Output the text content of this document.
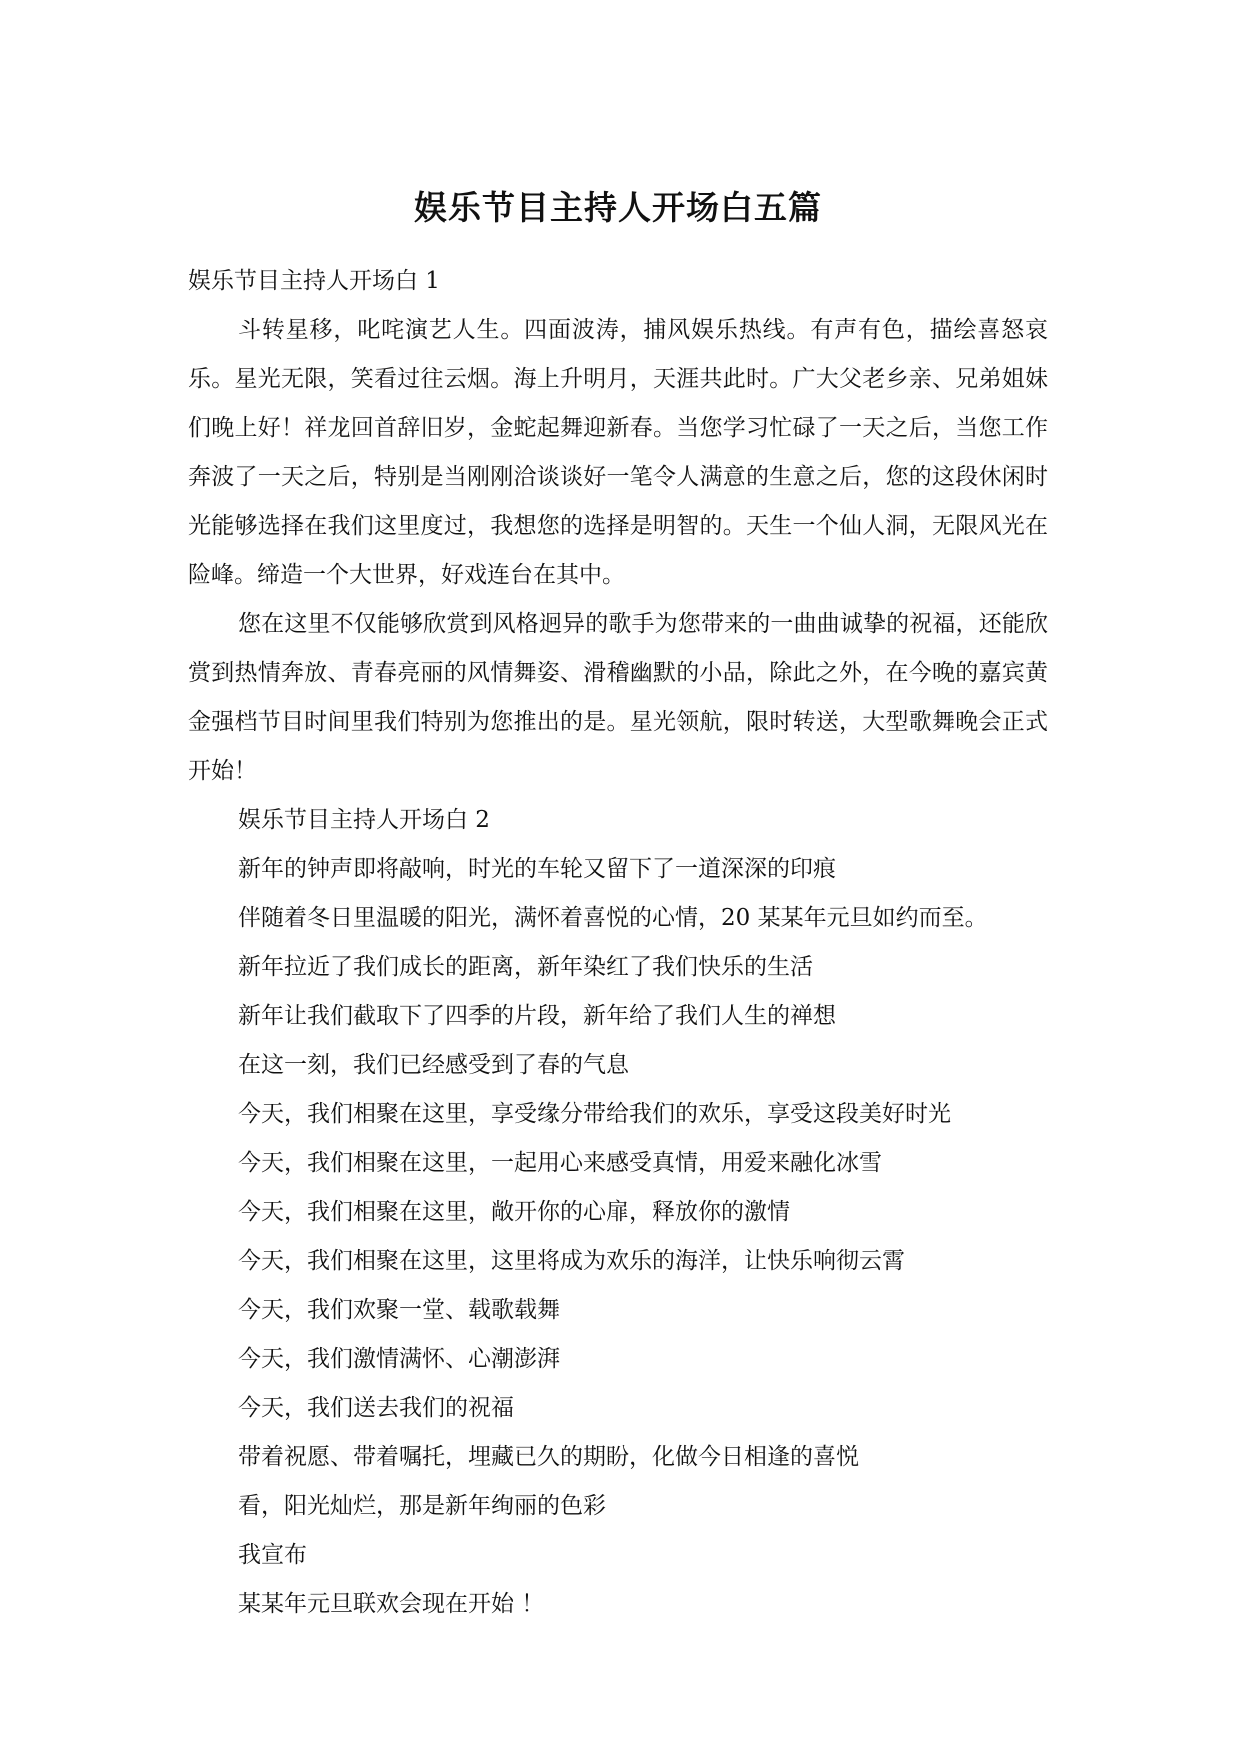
娱乐节目主持人开场白五篇

娱乐节目主持人开场白 1

斗转星移，叱咤演艺人生。四面波涛，捕风娱乐热线。有声有色，描绘喜怒哀乐。星光无限，笑看过往云烟。海上升明月，天涯共此时。广大父老乡亲、兄弟姐妹们晚上好！祥龙回首辞旧岁，金蛇起舞迎新春。当您学习忙碌了一天之后，当您工作奔波了一天之后，特别是当刚刚洽谈谈好一笔令人满意的生意之后，您的这段休闲时光能够选择在我们这里度过，我想您的选择是明智的。天生一个仙人洞，无限风光在险峰。缔造一个大世界，好戏连台在其中。

您在这里不仅能够欣赏到风格迥异的歌手为您带来的一曲曲诚挚的祝福，还能欣赏到热情奔放、青春亮丽的风情舞姿、滑稽幽默的小品，除此之外，在今晚的嘉宾黄金强档节目时间里我们特别为您推出的是。星光领航，限时转送，大型歌舞晚会正式开始！

娱乐节目主持人开场白 2

新年的钟声即将敲响，时光的车轮又留下了一道深深的印痕

伴随着冬日里温暖的阳光，满怀着喜悦的心情，20 某某年元旦如约而至。

新年拉近了我们成长的距离，新年染红了我们快乐的生活

新年让我们截取下了四季的片段，新年给了我们人生的禅想

在这一刻，我们已经感受到了春的气息

今天，我们相聚在这里，享受缘分带给我们的欢乐，享受这段美好时光

今天，我们相聚在这里，一起用心来感受真情，用爱来融化冰雪

今天，我们相聚在这里，敞开你的心扉，释放你的激情

今天，我们相聚在这里，这里将成为欢乐的海洋，让快乐响彻云霄

今天，我们欢聚一堂、载歌载舞

今天，我们激情满怀、心潮澎湃

今天，我们送去我们的祝福

带着祝愿、带着嘱托，埋藏已久的期盼，化做今日相逢的喜悦

看，阳光灿烂，那是新年绚丽的色彩

我宣布

某某年元旦联欢会现在开始 ！
